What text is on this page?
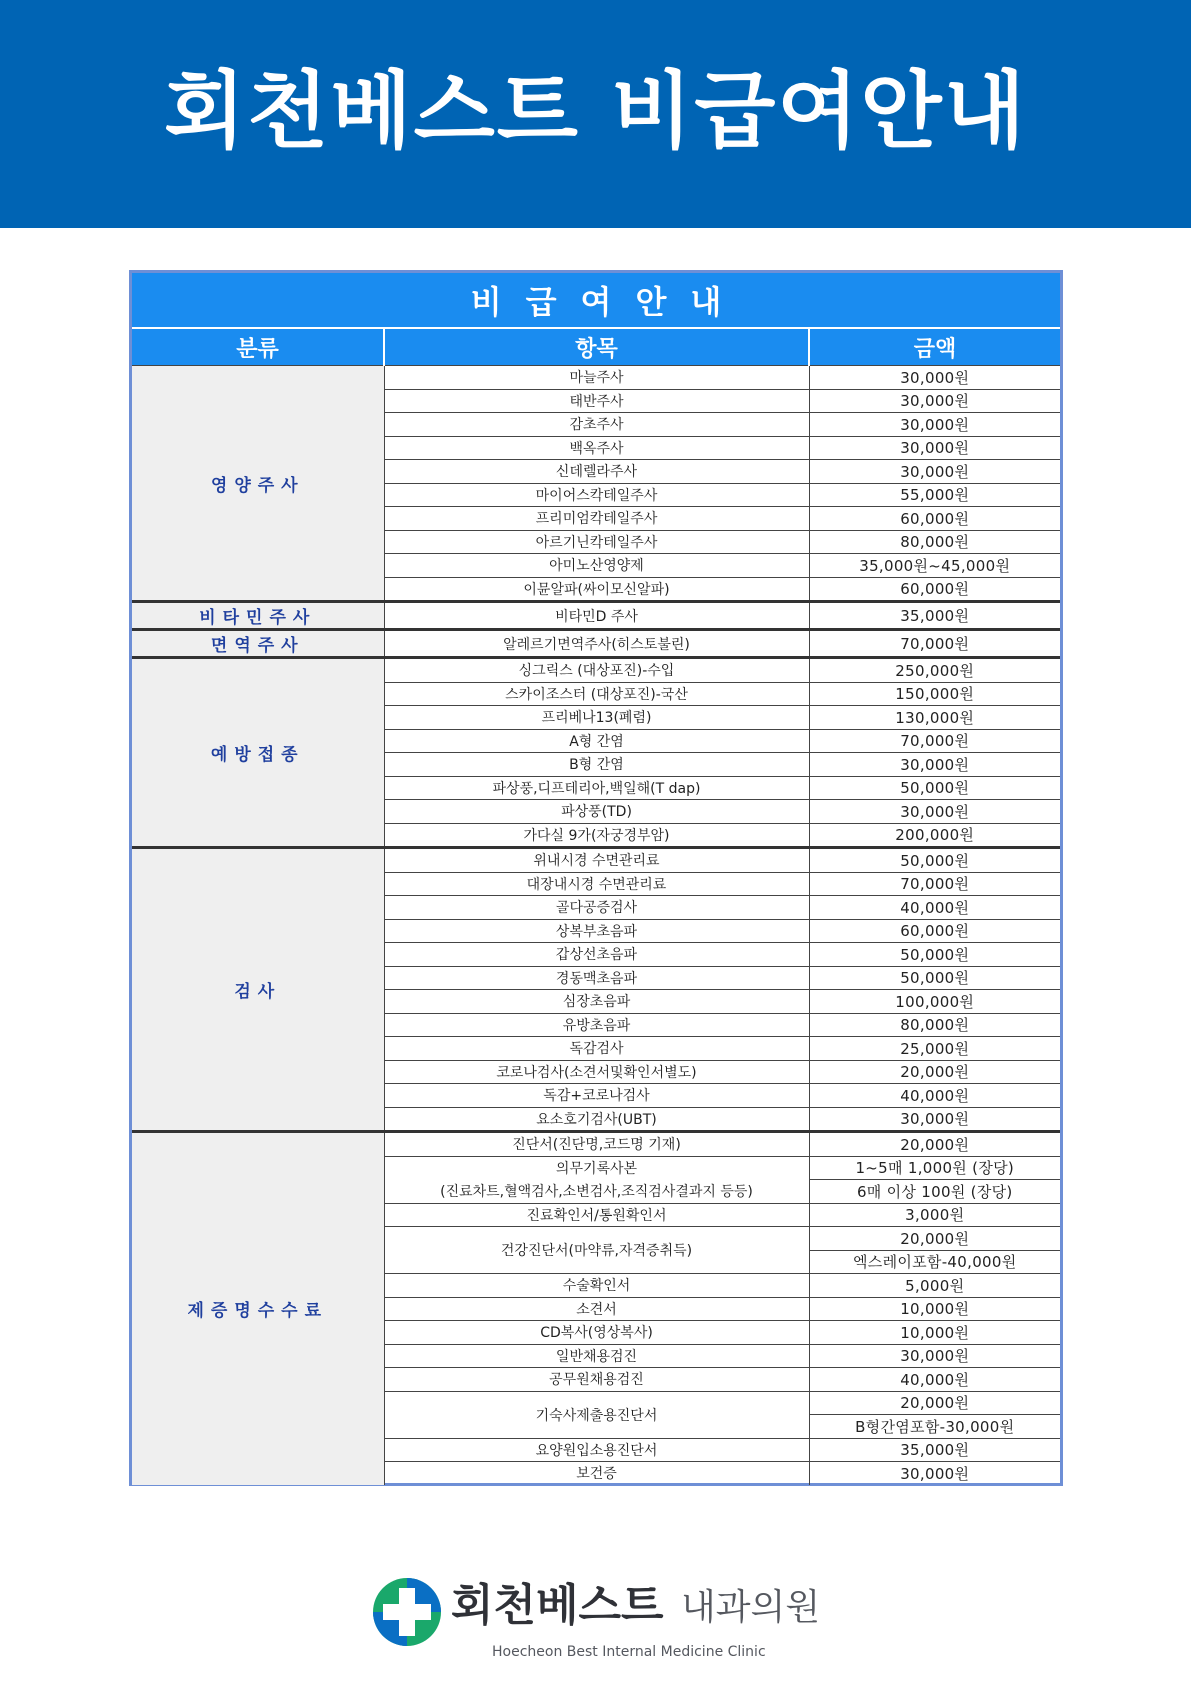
회천베스트 비급여안내
비급여안내		
분류	항목	금액
영양주사	마늘주사	30,000원
	태반주사	30,000원
	감초주사	30,000원
	백옥주사	30,000원
	신데렐라주사	30,000원
	마이어스칵테일주사	55,000원
	프리미엄칵테일주사	60,000원
	아르기닌칵테일주사	80,000원
	아미노산영양제	35,000원~45,000원
	이뮨알파(싸이모신알파)	60,000원
비타민주사	비타민D 주사	35,000원
면역주사	알레르기면역주사(히스토불린)	70,000원
예방접종	싱그릭스 (대상포진)-수입	250,000원
	스카이조스터 (대상포진)-국산	150,000원
	프리베나13(폐렴)	130,000원
	A형 간염	70,000원
	B형 간염	30,000원
	파상풍,디프테리아,백일해(T dap)	50,000원
	파상풍(TD)	30,000원
	가다실 9가(자궁경부암)	200,000원
검사	위내시경 수면관리료	50,000원
	대장내시경 수면관리료	70,000원
	골다공증검사	40,000원
	상복부초음파	60,000원
	갑상선초음파	50,000원
	경동맥초음파	50,000원
	심장초음파	100,000원
	유방초음파	80,000원
	독감검사	25,000원
	코로나검사(소견서및확인서별도)	20,000원
	독감+코로나검사	40,000원
	요소호기검사(UBT)	30,000원
제증명수수료	진단서(진단명,코드명 기재)	20,000원
	의무기록사본	1~5매 1,000원 (장당)
	(진료차트,혈액검사,소변검사,조직검사결과지 등등)	6매 이상 100원 (장당)
	진료확인서/통원확인서	3,000원
	건강진단서(마약류,자격증취득)	20,000원
		엑스레이포함-40,000원
	수술확인서	5,000원
	소견서	10,000원
	CD복사(영상복사)	10,000원
	일반채용검진	30,000원
	공무원채용검진	40,000원
	기숙사제출용진단서	20,000원
		B형간염포함-30,000원
	요양원입소용진단서	35,000원
	보건증	30,000원
회천베스트 내과의원
Hoecheon Best Internal Medicine Clinic
